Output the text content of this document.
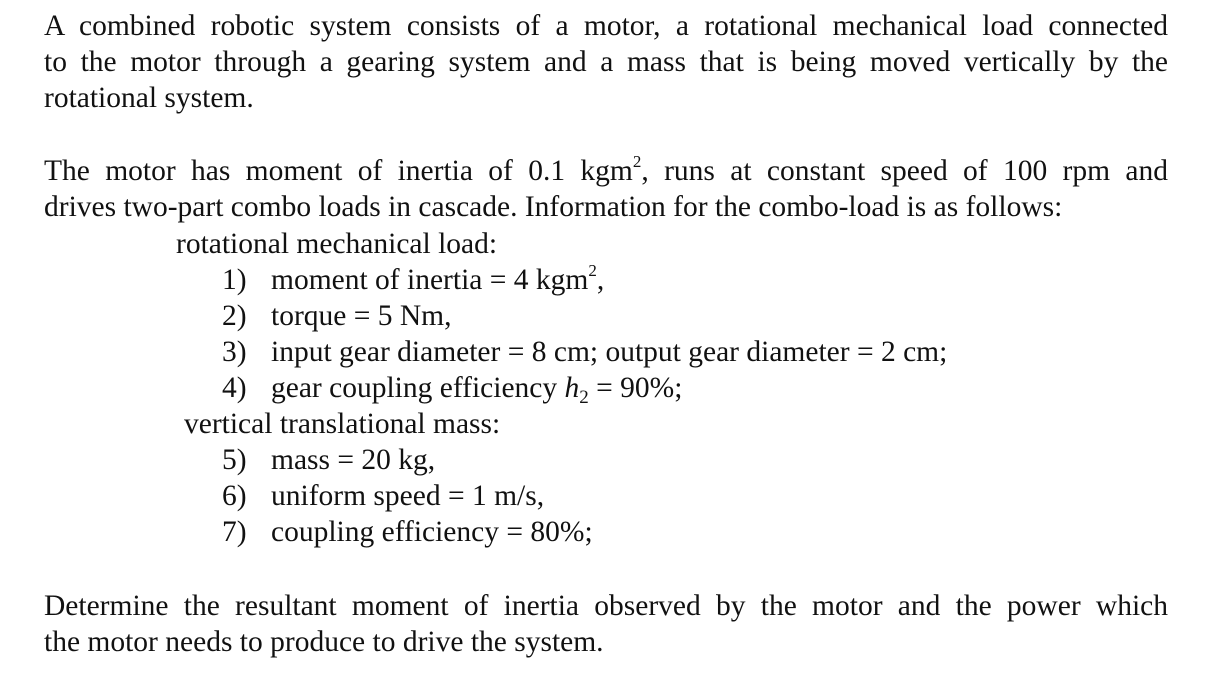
A combined robotic system consists of a motor, a rotational mechanical load connected
to the motor through a gearing system and a mass that is being moved vertically by the
rotational system.

The motor has moment of inertia of 0.1 kgm$^2$, runs at constant speed of 100 rpm and
drives two-part combo loads in cascade. Information for the combo-load is as follows:

rotational mechanical load:

1) moment of inertia = 4 kgm$^2$,

2) torque = 5 Nm,

3) input gear diameter = 8 cm; output gear diameter = 2 cm;

4) gear coupling efficiency $h_2 = 90\%$;

vertical translational mass:

5) mass = 20 kg,

6) uniform speed = 1 m/s,

7) coupling efficiency = 80%;

Determine the resultant moment of inertia observed by the motor and the power which
the motor needs to produce to drive the system.
